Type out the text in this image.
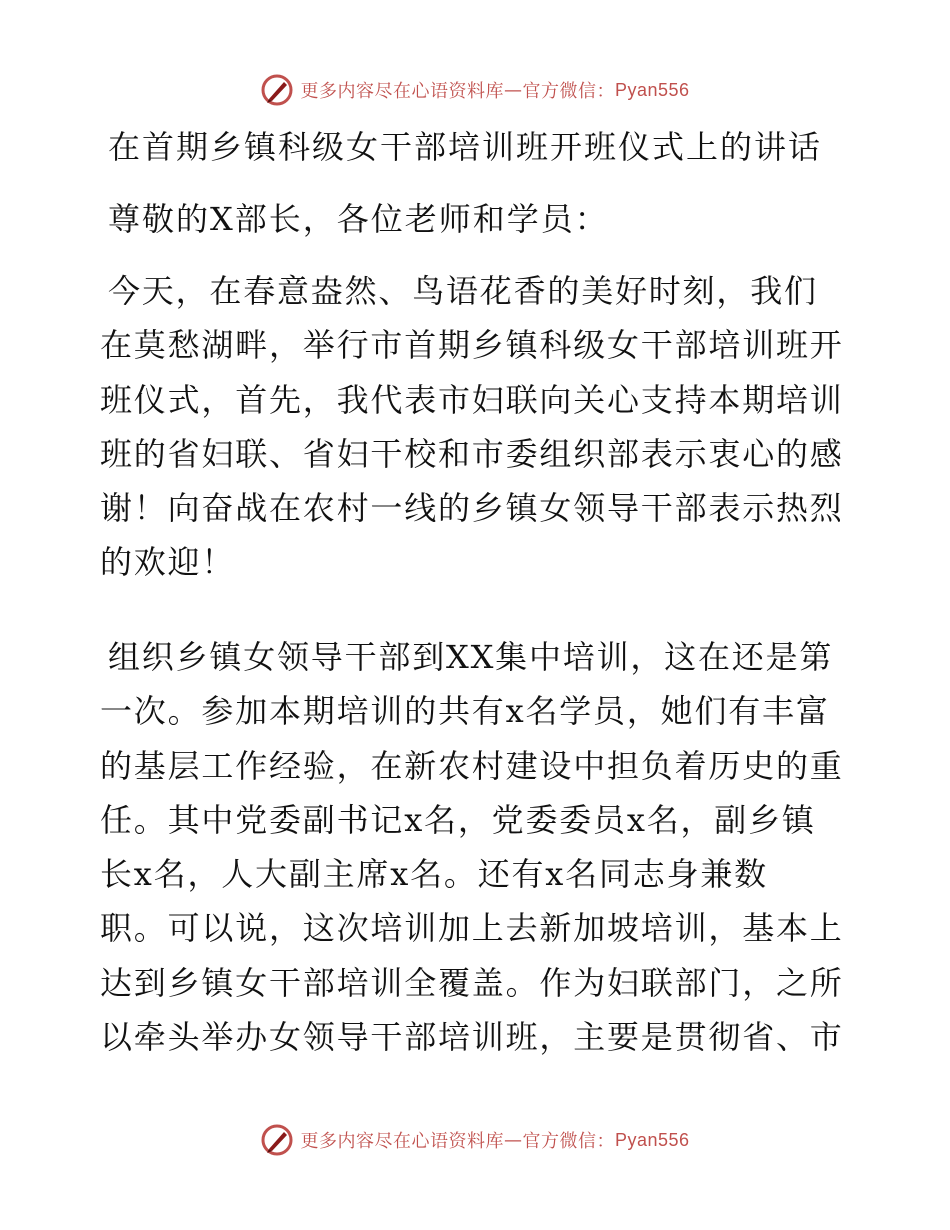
更多内容尽在心语资料库 — 官方微信： Pyan556
在首期乡镇科级女干部培训班开班仪式上的讲话
尊敬的X部长，各位老师和学员：
今天，在春意盎然、鸟语花香的美好时刻，我们
在莫愁湖畔，举行市首期乡镇科级女干部培训班开
班仪式，首先，我代表市妇联向关心支持本期培训
班的省妇联、省妇干校和市委组织部表示衷心的感
谢！向奋战在农村一线的乡镇女领导干部表示热烈
的欢迎！
组织乡镇女领导干部到XX集中培训，这在还是第
一次。参加本期培训的共有x名学员，她们有丰富
的基层工作经验，在新农村建设中担负着历史的重
任。其中党委副书记x名，党委委员x名，副乡镇
长x名，人大副主席x名。还有x名同志身兼数
职。可以说，这次培训加上去新加坡培训，基本上
达到乡镇女干部培训全覆盖。作为妇联部门，之所
以牵头举办女领导干部培训班，主要是贯彻省、市
更多内容尽在心语资料库 — 官方微信： Pyan556
